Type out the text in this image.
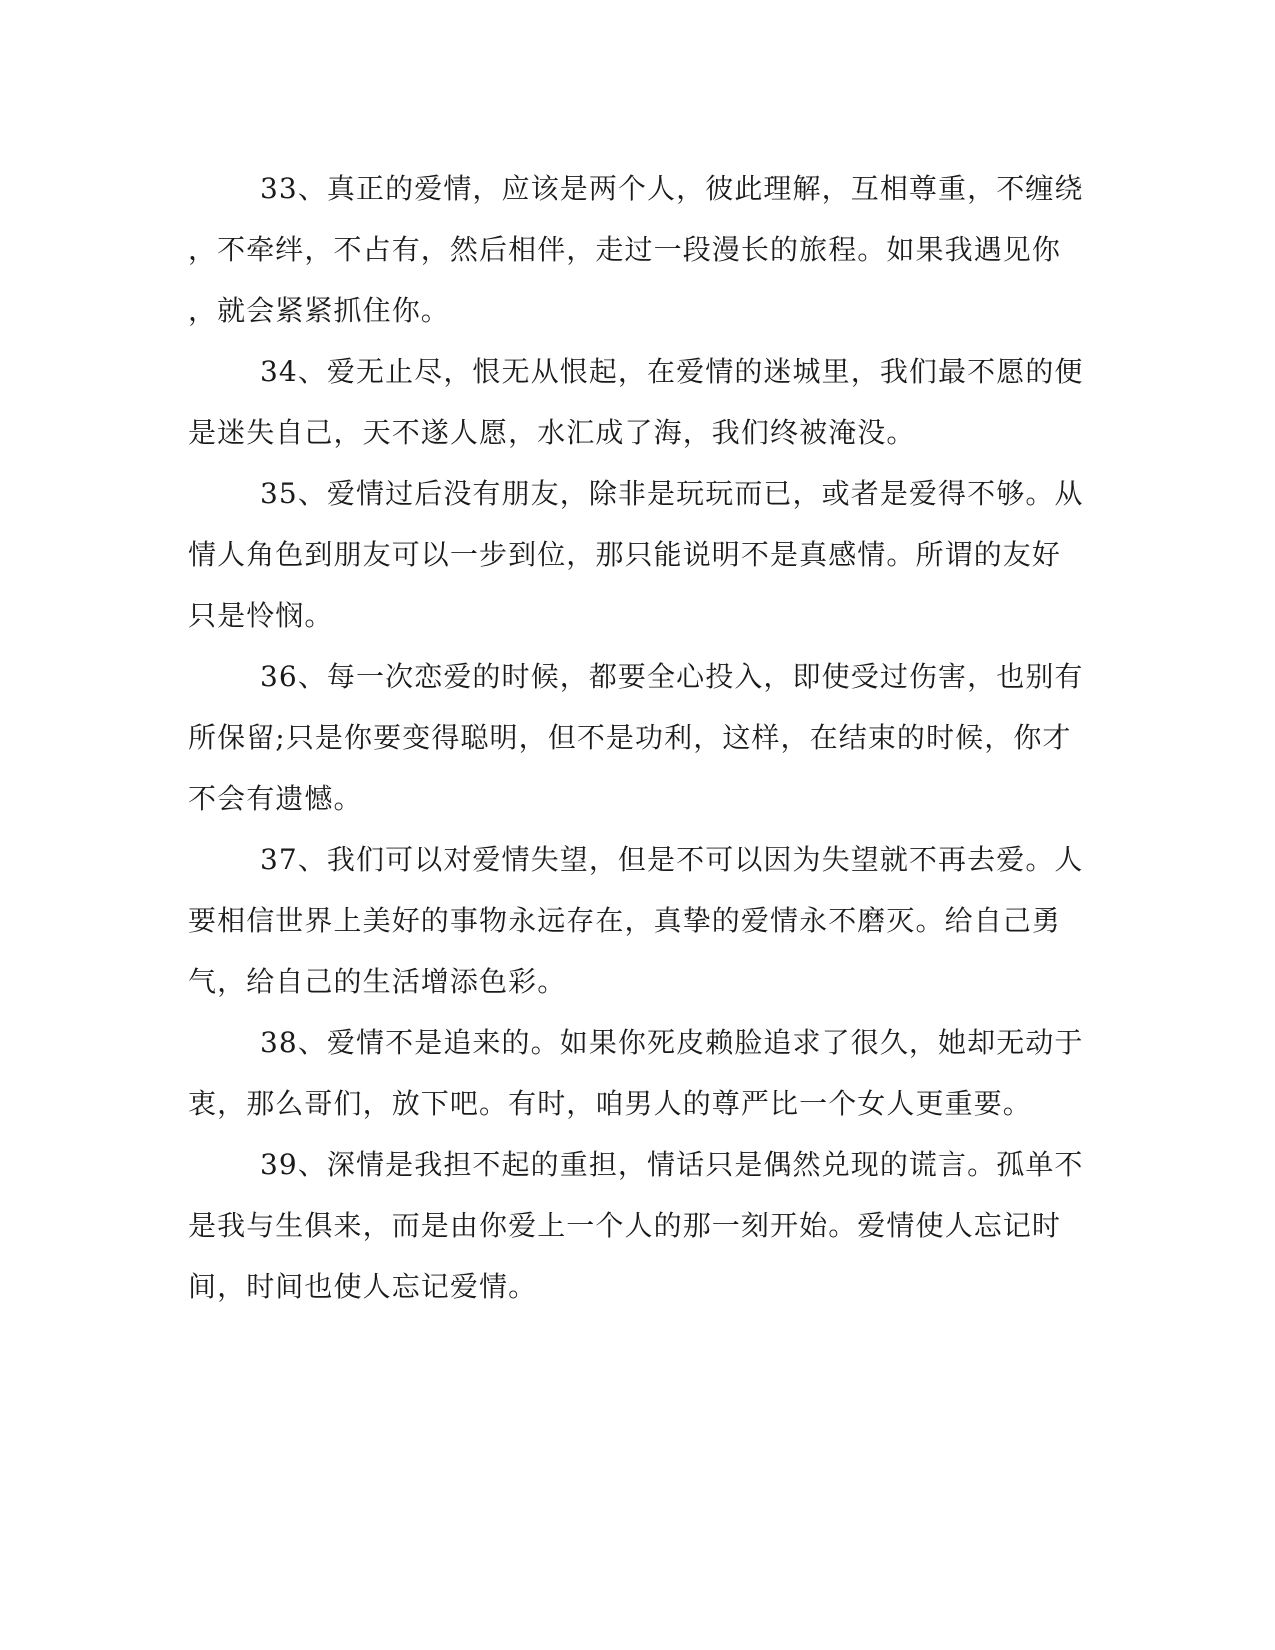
33、真正的爱情，应该是两个人，彼此理解，互相尊重，不缠绕
，不牵绊，不占有，然后相伴，走过一段漫长的旅程。如果我遇见你
，就会紧紧抓住你。

34、爱无止尽，恨无从恨起，在爱情的迷城里，我们最不愿的便
是迷失自己，天不遂人愿，水汇成了海，我们终被淹没。

35、爱情过后没有朋友，除非是玩玩而已，或者是爱得不够。从
情人角色到朋友可以一步到位，那只能说明不是真感情。所谓的友好
只是怜悯。

36、每一次恋爱的时候，都要全心投入，即使受过伤害，也别有
所保留;只是你要变得聪明，但不是功利，这样，在结束的时候，你才
不会有遗憾。

37、我们可以对爱情失望，但是不可以因为失望就不再去爱。人
要相信世界上美好的事物永远存在，真挚的爱情永不磨灭。给自己勇
气，给自己的生活增添色彩。

38、爱情不是追来的。如果你死皮赖脸追求了很久，她却无动于
衷，那么哥们，放下吧。有时，咱男人的尊严比一个女人更重要。

39、深情是我担不起的重担，情话只是偶然兑现的谎言。孤单不
是我与生俱来，而是由你爱上一个人的那一刻开始。爱情使人忘记时
间，时间也使人忘记爱情。
